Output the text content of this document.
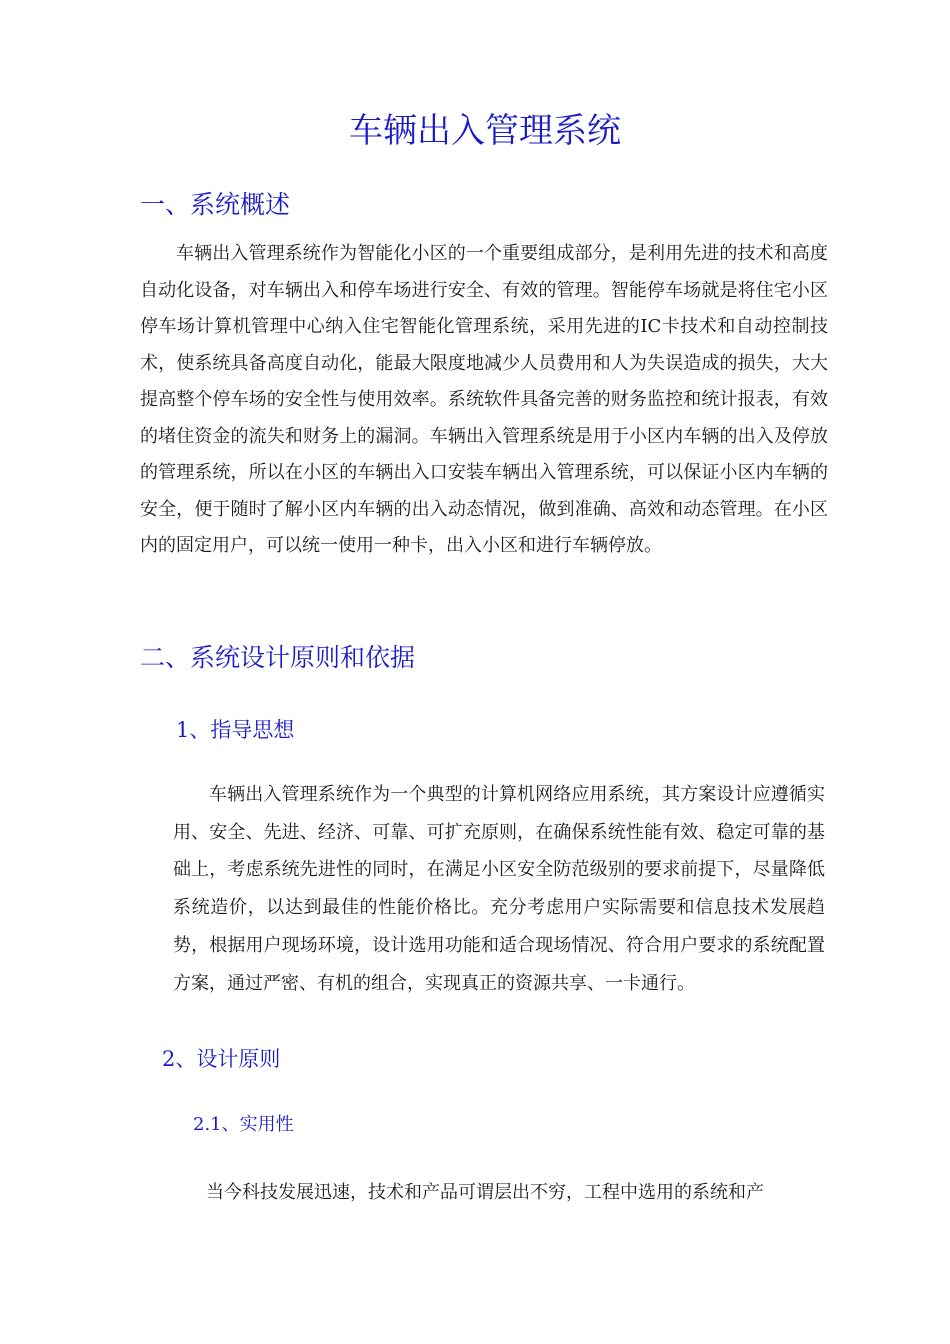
车辆出入管理系统
一、系统概述

车辆出入管理系统作为智能化小区的一个重要组成部分，是利用先进的技术和高度自动化设备，对车辆出入和停车场进行安全、有效的管理。智能停车场就是将住宅小区停车场计算机管理中心纳入住宅智能化管理系统，采用先进的IC卡技术和自动控制技术，使系统具备高度自动化，能最大限度地减少人员费用和人为失误造成的损失，大大提高整个停车场的安全性与使用效率。系统软件具备完善的财务监控和统计报表，有效的堵住资金的流失和财务上的漏洞。车辆出入管理系统是用于小区内车辆的出入及停放的管理系统，所以在小区的车辆出入口安装车辆出入管理系统，可以保证小区内车辆的安全，便于随时了解小区内车辆的出入动态情况，做到准确、高效和动态管理。在小区内的固定用户，可以统一使用一种卡，出入小区和进行车辆停放。

二、系统设计原则和依据
1、指导思想

车辆出入管理系统作为一个典型的计算机网络应用系统，其方案设计应遵循实用、安全、先进、经济、可靠、可扩充原则，在确保系统性能有效、稳定可靠的基础上，考虑系统先进性的同时，在满足小区安全防范级别的要求前提下，尽量降低系统造价，以达到最佳的性能价格比。充分考虑用户实际需要和信息技术发展趋势，根据用户现场环境，设计选用功能和适合现场情况、符合用户要求的系统配置方案，通过严密、有机的组合，实现真正的资源共享、一卡通行。

2、设计原则
2.1、实用性

当今科技发展迅速，技术和产品可谓层出不穷，工程中选用的系统和产
